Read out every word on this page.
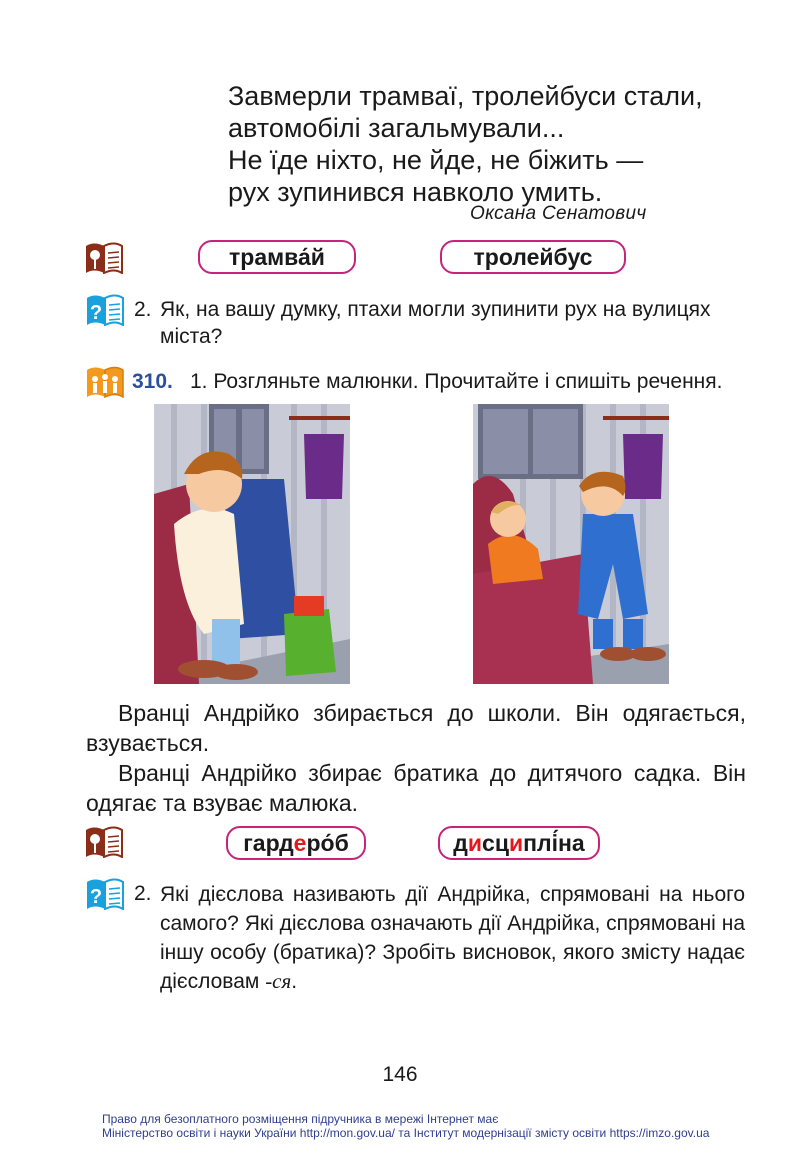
Завмерли трамваї, тролейбуси стали,
автомобілі загальмували...
Не їде ніхто, не йде, не біжить —
рух зупинився навколо умить.
Оксана Сенатович
трамва́й	тролейбус
? 2. Як, на вашу думку, птахи могли зупинити рух на вулицях міста?
310. 1. Розгляньте малюнки. Прочитайте і спишіть речення.
Вранці Андрійко збирається до школи. Він одягається, взувається.
Вранці Андрійко збирає братика до дитячого садка. Він одягає та взуває малюка.
гард е ро́б	д и сц и плі́на
? 2. Які дієслова називають дії Андрійка, спрямовані на нього самого? Які дієслова означають дії Андрійка, спрямовані на іншу особу (братика)? Зробіть висновок, якого змісту надає дієсловам -ся.
146
Право для безоплатного розміщення підручника в мережі Інтернет має
Міністерство освіти і науки України http://mon.gov.ua/ та Інститут модернізації змісту освіти https://imzo.gov.ua
